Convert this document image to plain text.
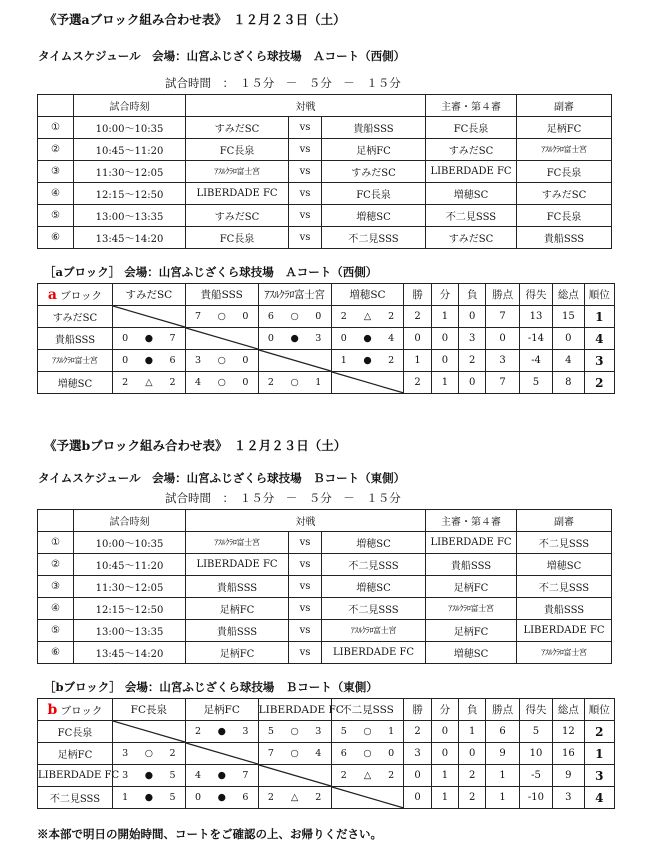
《予選aブロック組み合わせ表》　１２月２３日（土）
タイムスケジュール　会場：山宮ふじざくら球技場　Ａコート（西側）
試合時間　：　１５分　－　５分　－　１５分
	試合時刻	対戦			主審・第４審	副審
①	10:00～10:35	すみだSC	vs	貴船SSS	FC長泉	足柄FC
②	10:45～11:20	FC長泉	vs	足柄FC	すみだSC	ｱｽﾙｸﾗﾛ富士宮
③	11:30～12:05	ｱｽﾙｸﾗﾛ富士宮	vs	すみだSC	LIBERDADE FC	FC長泉
④	12:15～12:50	LIBERDADE FC	vs	FC長泉	増穂SC	すみだSC
⑤	13:00～13:35	すみだSC	vs	増穂SC	不二見SSS	FC長泉
⑥	13:45～14:20	FC長泉	vs	不二見SSS	すみだSC	貴船SSS
［aブロック］ 会場：山宮ふじざくら球技場　Ａコート（西側）
a ブロック	すみだSC	貴船SSS	ｱｽﾙｸﾗﾛ富士宮	増穂SC	勝	分	負	勝点	得失	総点	順位
すみだSC		7 ○ 0	6 ○ 0	2 △ 2	2	1	0	7	13	15	1
貴船SSS	0 ● 7		0 ● 3	0 ● 4	0	0	3	0	-14	0	4
ｱｽﾙｸﾗﾛ富士宮	0 ● 6	3 ○ 0		1 ● 2	1	0	2	3	-4	4	3
増穂SC	2 △ 2	4 ○ 0	2 ○ 1		2	1	0	7	5	8	2
《予選bブロック組み合わせ表》　１２月２３日（土）
タイムスケジュール　会場：山宮ふじざくら球技場　Ｂコート（東側）
試合時間　：　１５分　－　５分　－　１５分
	試合時刻	対戦			主審・第４審	副審
①	10:00～10:35	ｱｽﾙｸﾗﾛ富士宮	vs	増穂SC	LIBERDADE FC	不二見SSS
②	10:45～11:20	LIBERDADE FC	vs	不二見SSS	貴船SSS	増穂SC
③	11:30～12:05	貴船SSS	vs	増穂SC	足柄FC	不二見SSS
④	12:15～12:50	足柄FC	vs	不二見SSS	ｱｽﾙｸﾗﾛ富士宮	貴船SSS
⑤	13:00～13:35	貴船SSS	vs	ｱｽﾙｸﾗﾛ富士宮	足柄FC	LIBERDADE FC
⑥	13:45～14:20	足柄FC	vs	LIBERDADE FC	増穂SC	ｱｽﾙｸﾗﾛ富士宮
［bブロック］ 会場：山宮ふじざくら球技場　Ｂコート（東側）
b ブロック	FC長泉	足柄FC	LIBERDADE FC	不二見SSS	勝	分	負	勝点	得失	総点	順位
FC長泉		2 ● 3	5 ○ 3	5 ○ 1	2	0	1	6	5	12	2
足柄FC	3 ○ 2		7 ○ 4	6 ○ 0	3	0	0	9	10	16	1
LIBERDADE FC	3 ● 5	4 ● 7		2 △ 2	0	1	2	1	-5	9	3
不二見SSS	1 ● 5	0 ● 6	2 △ 2		0	1	2	1	-10	3	4
※本部で明日の開始時間、コートをご確認の上、お帰りください。
